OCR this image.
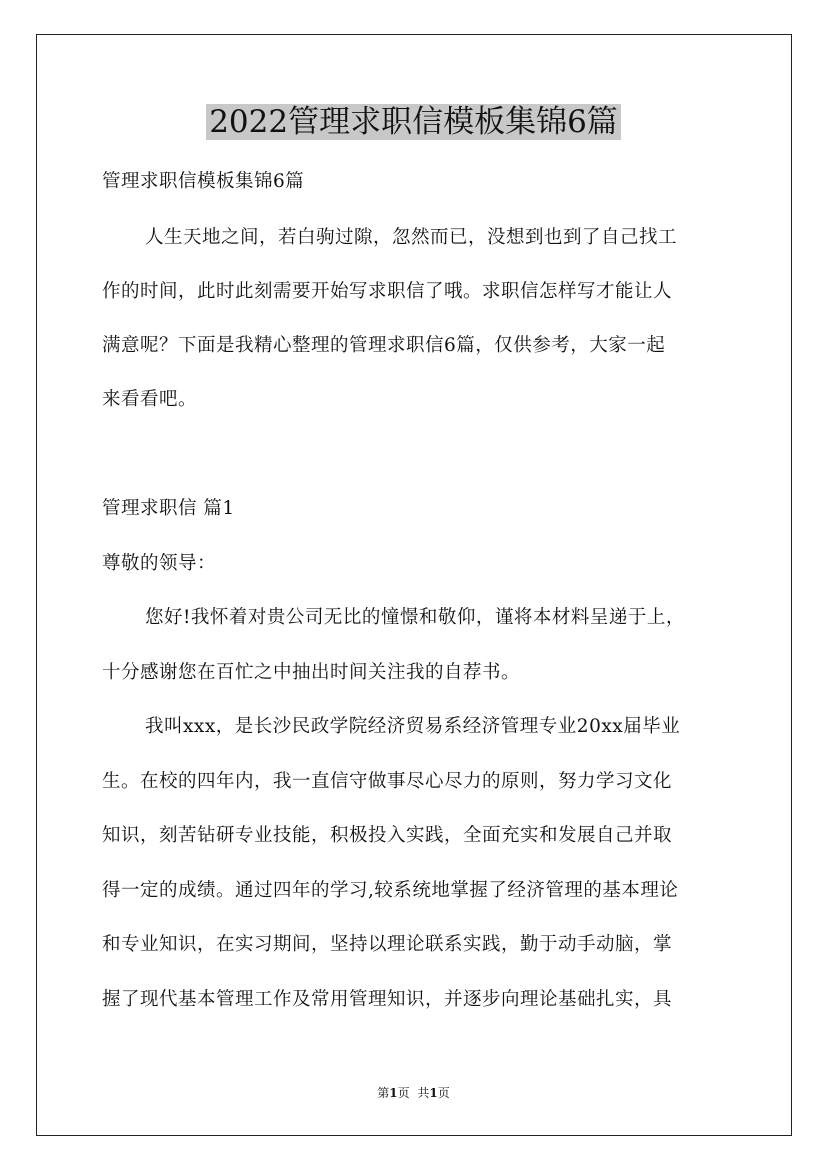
2022管理求职信模板集锦6篇
管理求职信模板集锦6篇
人生天地之间，若白驹过隙，忽然而已，没想到也到了自己找工
作的时间，此时此刻需要开始写求职信了哦。求职信怎样写才能让人
满意呢？下面是我精心整理的管理求职信6篇，仅供参考，大家一起
来看看吧。
管理求职信 篇1
尊敬的领导：
您好!我怀着对贵公司无比的憧憬和敬仰，谨将本材料呈递于上，
十分感谢您在百忙之中抽出时间关注我的自荐书。
我叫xxx，是长沙民政学院经济贸易系经济管理专业20xx届毕业
生。在校的四年内，我一直信守做事尽心尽力的原则，努力学习文化
知识，刻苦钻研专业技能，积极投入实践，全面充实和发展自己并取
得一定的成绩。通过四年的学习,较系统地掌握了经济管理的基本理论
和专业知识，在实习期间，坚持以理论联系实践，勤于动手动脑，掌
握了现代基本管理工作及常用管理知识，并逐步向理论基础扎实，具
第1页 共1页
